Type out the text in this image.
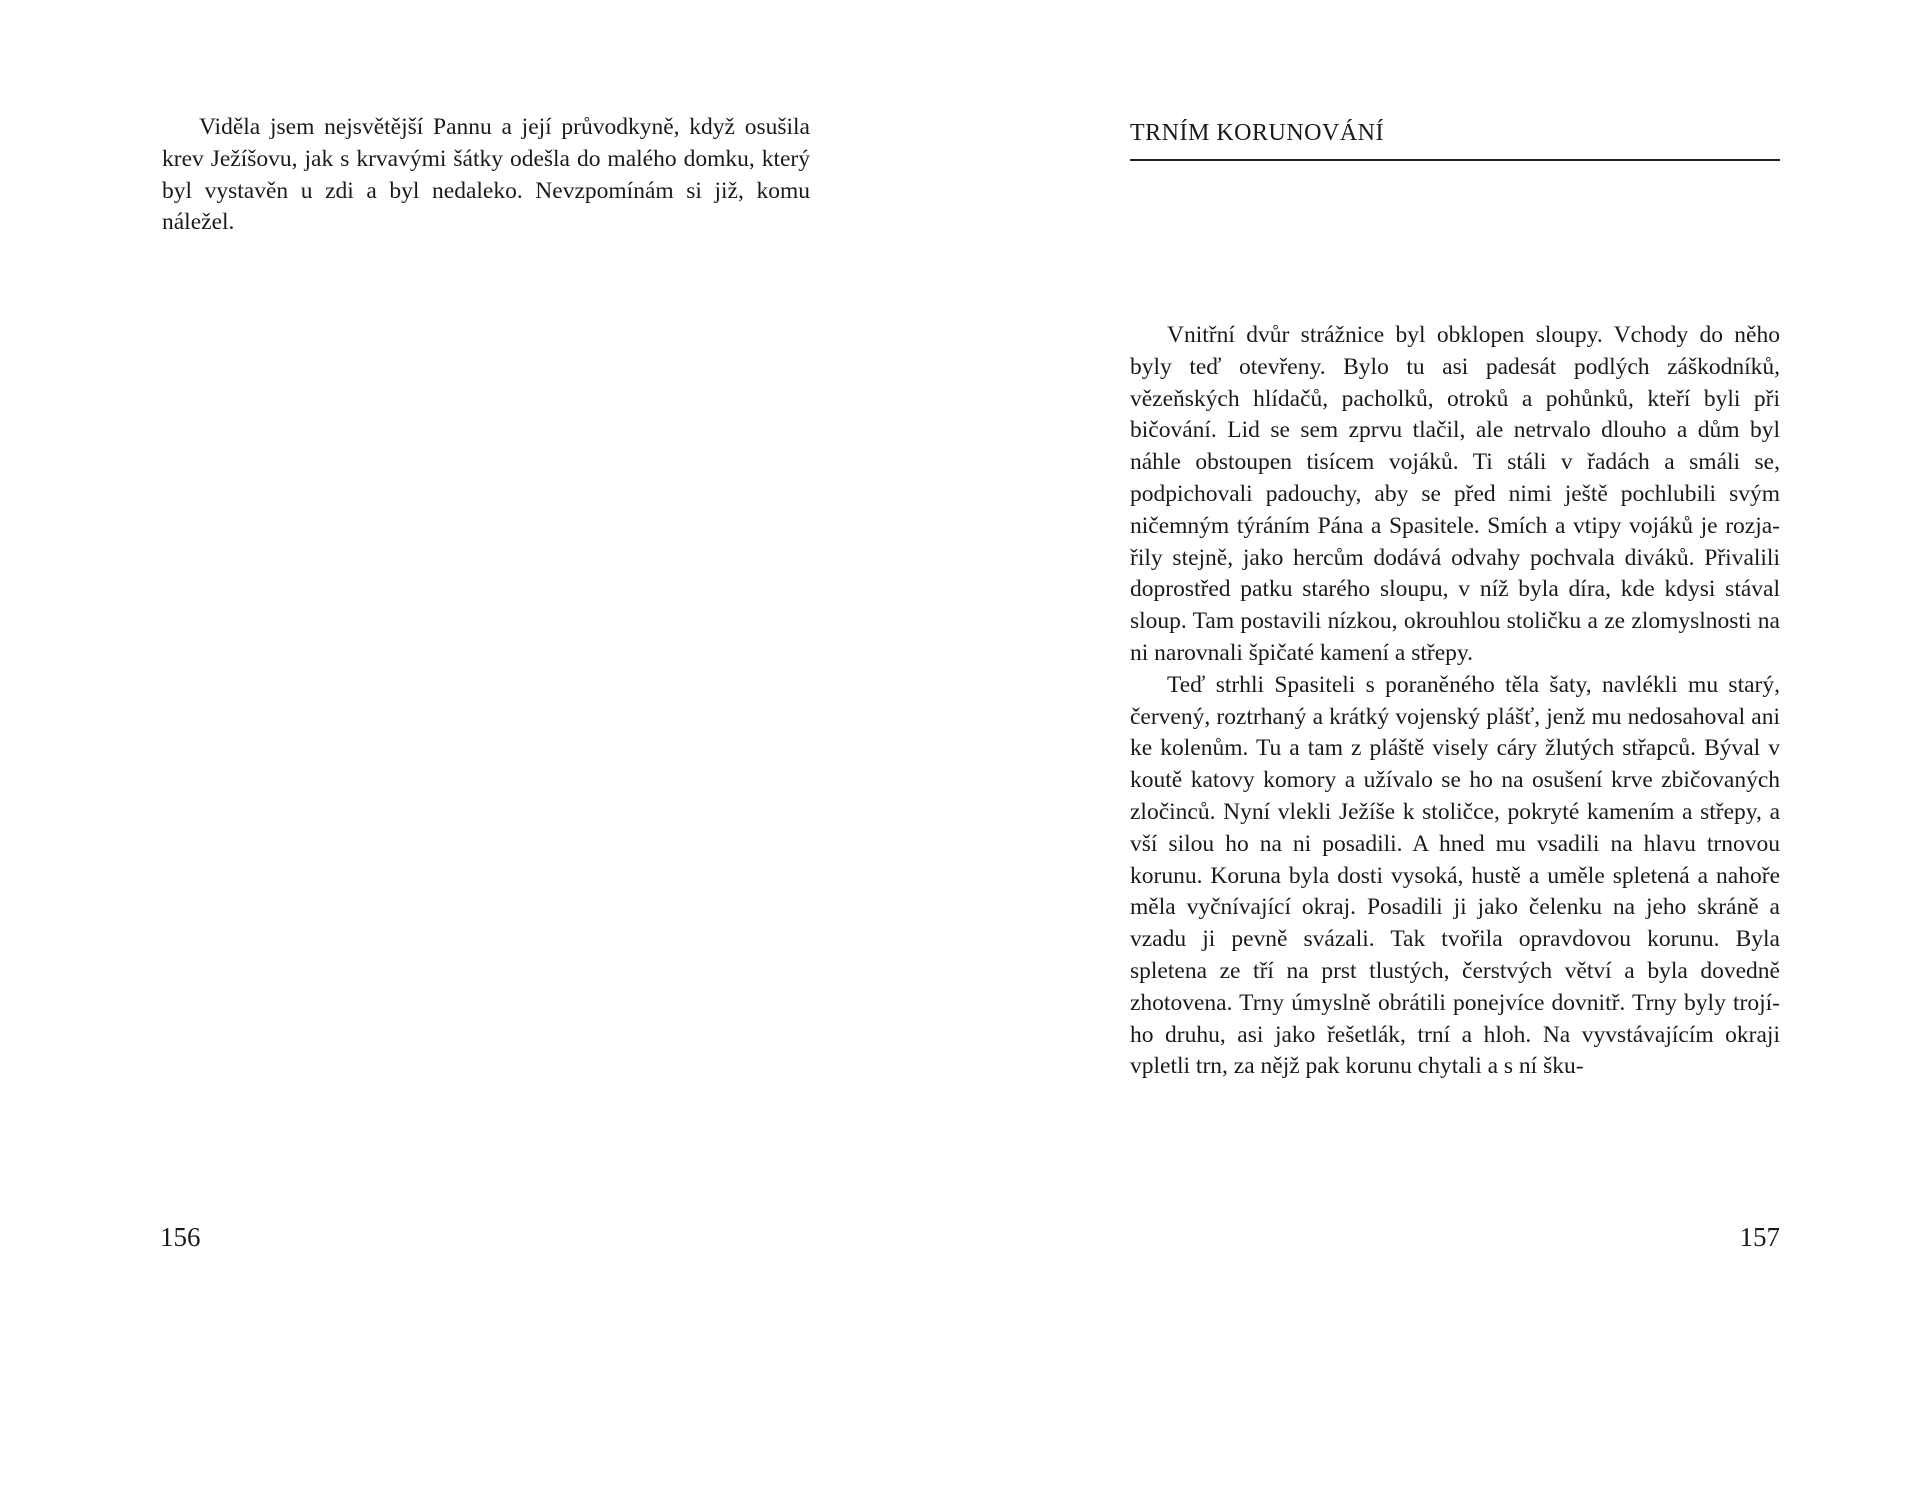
Viděla jsem nejsvětější Pannu a její průvodkyně, když osušila krev Ježíšovu, jak s krvavými šátky odešla do malého domku, který byl vystavěn u zdi a byl nedaleko. Nevzpomínám si již, komu náležel.

156
TRNÍM KORUNOVÁNÍ

Vnitřní dvůr strážnice byl obklopen sloupy. Vchody do něho byly teď otevřeny. Bylo tu asi padesát podlých záškodníků, vězeňských hlídačů, pacholků, otroků a pohůnků, kteří byli při bičování. Lid se sem zprvu tlačil, ale netrvalo dlouho a dům byl náhle obstoupen tisícem vojáků. Ti stáli v řadách a smáli se, podpichovali padouchy, aby se před nimi ještě pochlubili svým ničemným týráním Pána a Spasitele. Smích a vtipy vojáků je rozjařily stejně, jako hercům dodává odvahy pochvala diváků. Přivalili doprostřed patku starého sloupu, v níž byla díra, kde kdysi stával sloup. Tam postavili nízkou, okrouhlou stoličku a ze zlomyslnosti na ni narovnali špičaté kamení a střepy.

Teď strhli Spasiteli s poraněného těla šaty, navlékli mu starý, červený, roztrhaný a krátký vojenský plášť, jenž mu nedosahoval ani ke kolenům. Tu a tam z pláště visely cáry žlutých střapců. Býval v koutě katovy komory a užívalo se ho na osušení krve zbičovaných zločinců. Nyní vlekli Ježíše k stoličce, pokryté kamením a střepy, a vší silou ho na ni posadili. A hned mu vsadili na hlavu trnovou korunu. Koruna byla dosti vysoká, hustě a uměle spletená a nahoře měla vyčnívající okraj. Posadili ji jako čelenku na jeho skráně a vzadu ji pevně svázali. Tak tvořila opravdovou korunu. Byla spletena ze tří na prst tlustých, čerstvých větví a byla dovedně zhotovena. Trny úmyslně obrátili ponejvíce dovnitř. Trny byly trojího druhu, asi jako řešetlák, trní a hloh. Na vyvstávajícím okraji vpletli trn, za nějž pak korunu chytali a s ní šku-

157
